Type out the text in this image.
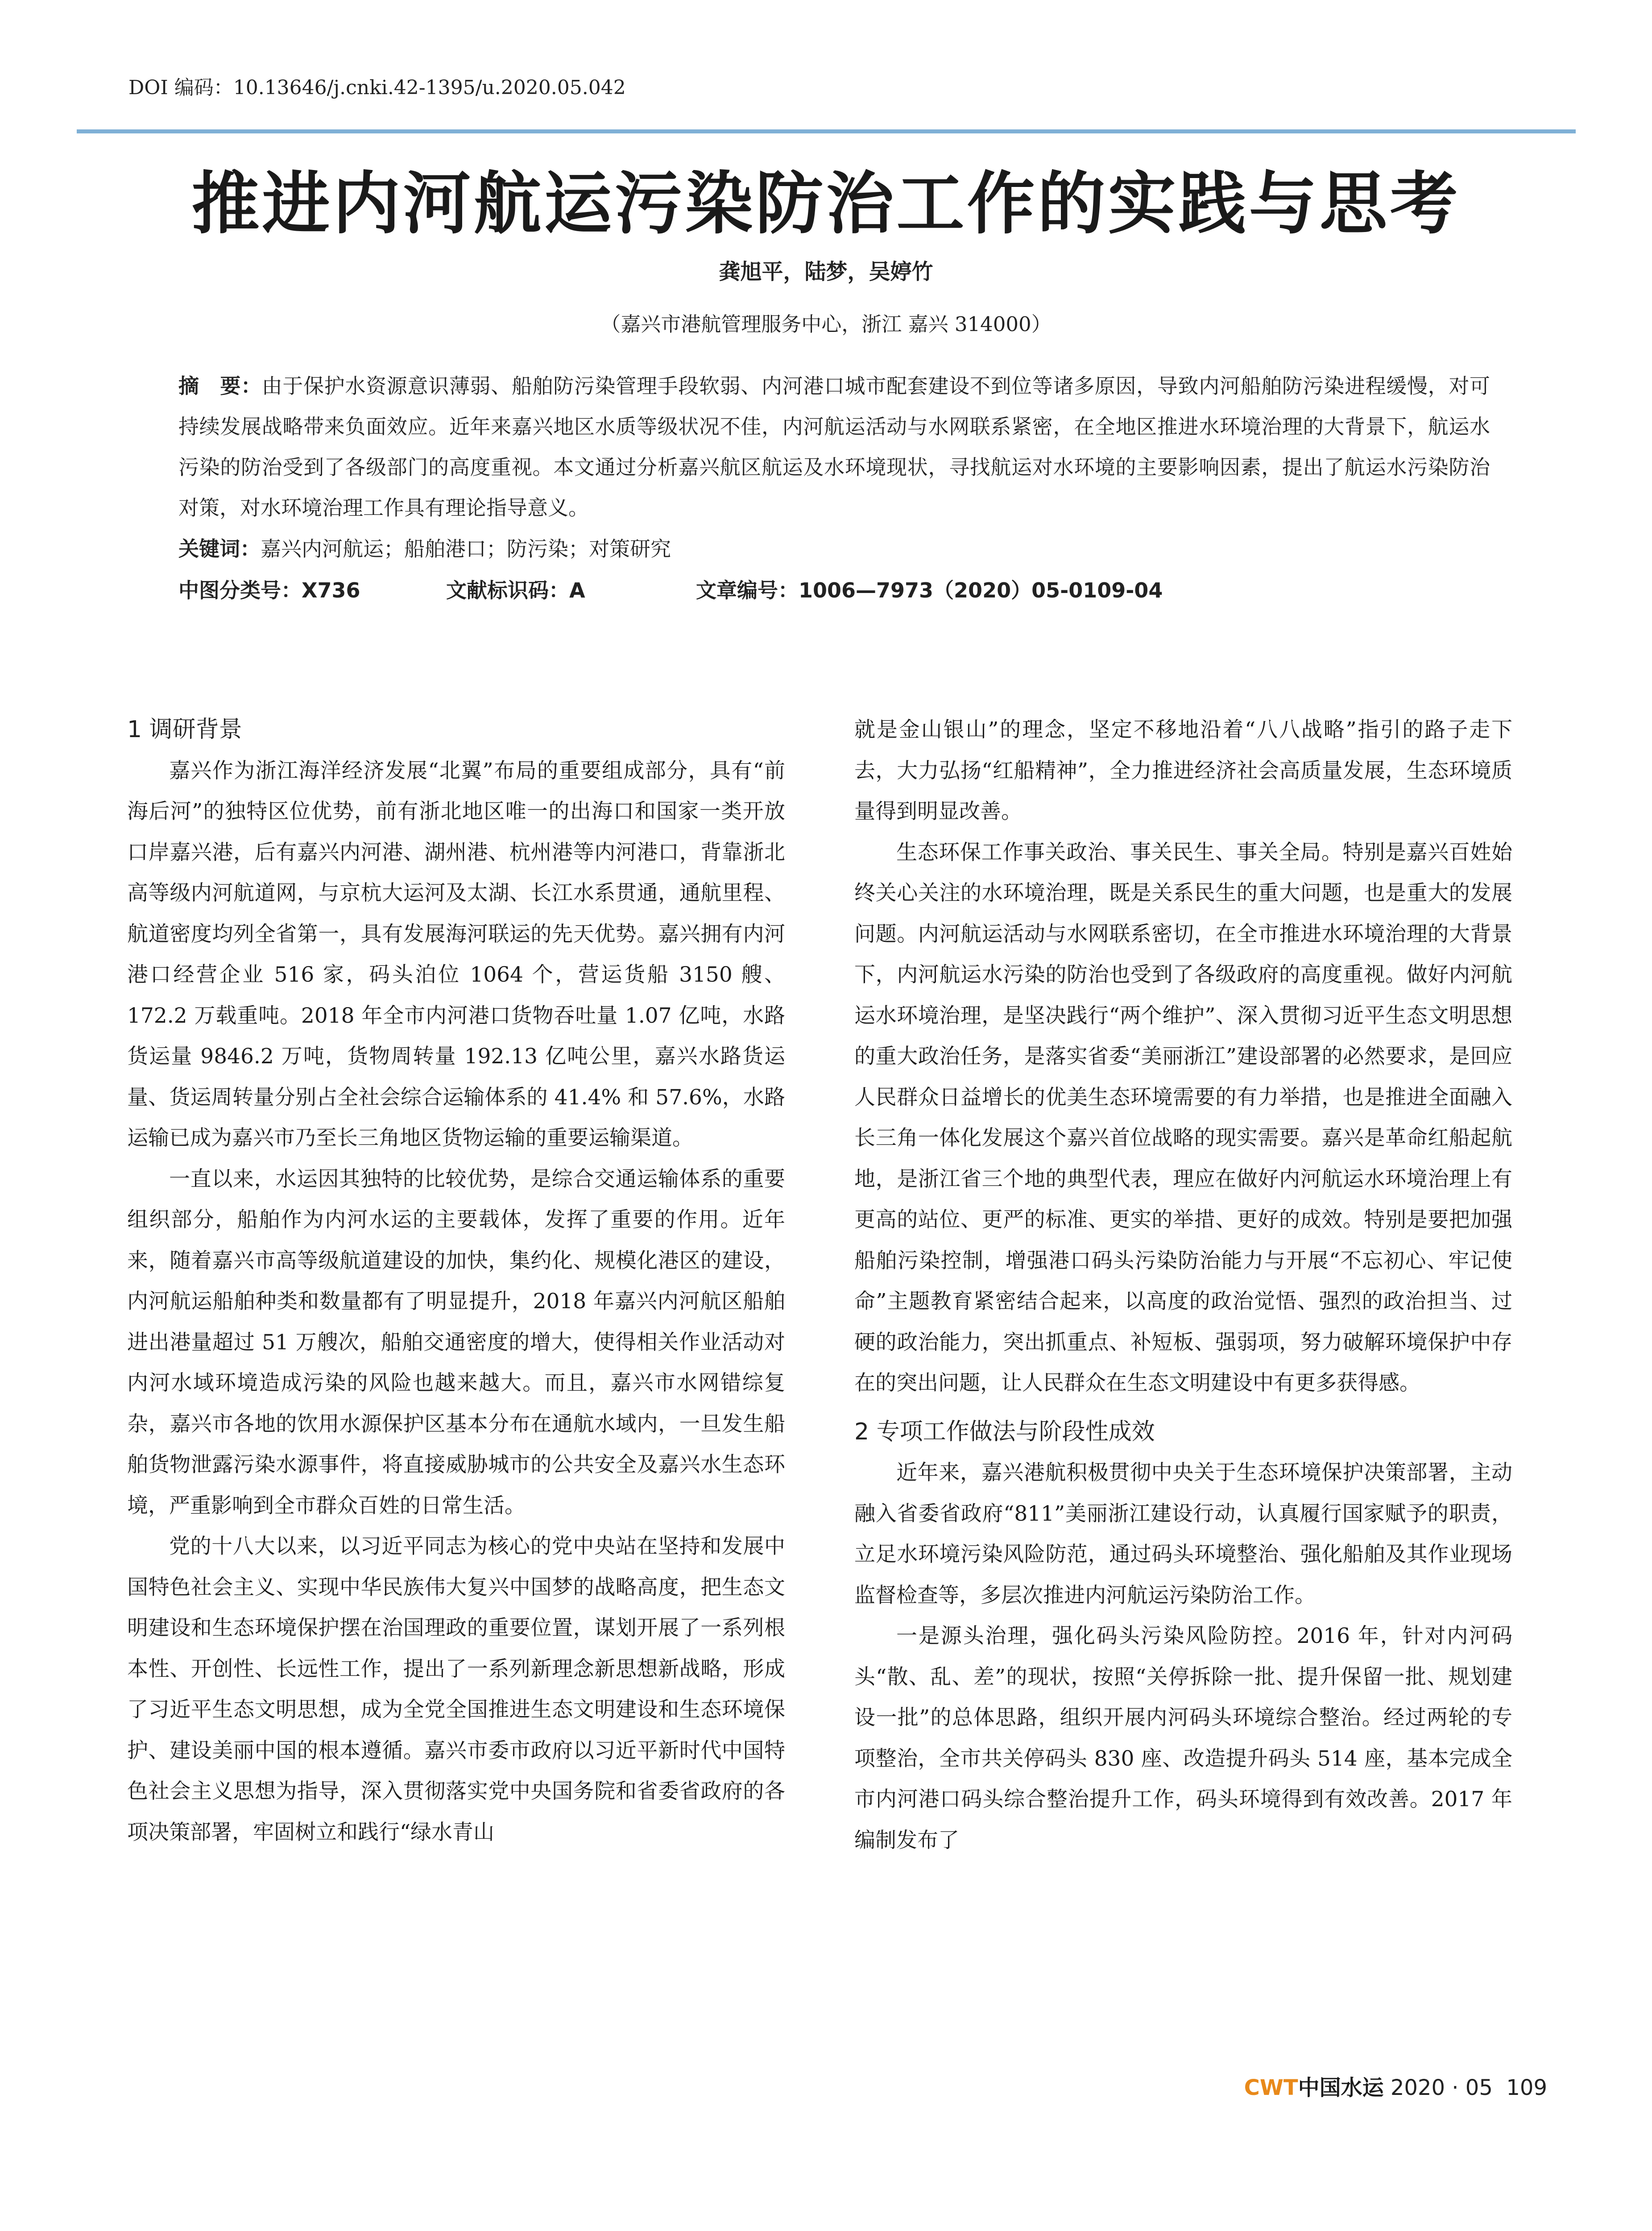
DOI 编码：10.13646/j.cnki.42-1395/u.2020.05.042
推进内河航运污染防治工作的实践与思考
龚旭平，陆梦，吴婷竹
（嘉兴市港航管理服务中心，浙江 嘉兴 314000）
摘　要：由于保护水资源意识薄弱、船舶防污染管理手段软弱、内河港口城市配套建设不到位等诸多原因，导致内河船舶防污染进程缓慢，对可持续发展战略带来负面效应。近年来嘉兴地区水质等级状况不佳，内河航运活动与水网联系紧密，在全地区推进水环境治理的大背景下，航运水污染的防治受到了各级部门的高度重视。本文通过分析嘉兴航区航运及水环境现状，寻找航运对水环境的主要影响因素，提出了航运水污染防治对策，对水环境治理工作具有理论指导意义。
关键词：嘉兴内河航运；船舶港口；防污染；对策研究
中图分类号：X736	文献标识码：A	文章编号：1006—7973（2020）05-0109-04
1 调研背景

嘉兴作为浙江海洋经济发展“北翼”布局的重要组成部分，具有“前海后河”的独特区位优势，前有浙北地区唯一的出海口和国家一类开放口岸嘉兴港，后有嘉兴内河港、湖州港、杭州港等内河港口，背靠浙北高等级内河航道网，与京杭大运河及太湖、长江水系贯通，通航里程、航道密度均列全省第一，具有发展海河联运的先天优势。嘉兴拥有内河港口经营企业 516 家，码头泊位 1064 个，营运货船 3150 艘、172.2 万载重吨。2018 年全市内河港口货物吞吐量 1.07 亿吨，水路货运量 9846.2 万吨，货物周转量 192.13 亿吨公里，嘉兴水路货运量、货运周转量分别占全社会综合运输体系的 41.4% 和 57.6%，水路运输已成为嘉兴市乃至长三角地区货物运输的重要运输渠道。

一直以来，水运因其独特的比较优势，是综合交通运输体系的重要组织部分，船舶作为内河水运的主要载体，发挥了重要的作用。近年来，随着嘉兴市高等级航道建设的加快，集约化、规模化港区的建设，内河航运船舶种类和数量都有了明显提升，2018 年嘉兴内河航区船舶进出港量超过 51 万艘次，船舶交通密度的增大，使得相关作业活动对内河水域环境造成污染的风险也越来越大。而且，嘉兴市水网错综复杂，嘉兴市各地的饮用水源保护区基本分布在通航水域内，一旦发生船舶货物泄露污染水源事件，将直接威胁城市的公共安全及嘉兴水生态环境，严重影响到全市群众百姓的日常生活。

党的十八大以来，以习近平同志为核心的党中央站在坚持和发展中国特色社会主义、实现中华民族伟大复兴中国梦的战略高度，把生态文明建设和生态环境保护摆在治国理政的重要位置，谋划开展了一系列根本性、开创性、长远性工作，提出了一系列新理念新思想新战略，形成了习近平生态文明思想，成为全党全国推进生态文明建设和生态环境保护、建设美丽中国的根本遵循。嘉兴市委市政府以习近平新时代中国特色社会主义思想为指导，深入贯彻落实党中央国务院和省委省政府的各项决策部署，牢固树立和践行“绿水青山

就是金山银山”的理念，坚定不移地沿着“八八战略”指引的路子走下去，大力弘扬“红船精神”，全力推进经济社会高质量发展，生态环境质量得到明显改善。

生态环保工作事关政治、事关民生、事关全局。特别是嘉兴百姓始终关心关注的水环境治理，既是关系民生的重大问题，也是重大的发展问题。内河航运活动与水网联系密切，在全市推进水环境治理的大背景下，内河航运水污染的防治也受到了各级政府的高度重视。做好内河航运水环境治理，是坚决践行“两个维护”、深入贯彻习近平生态文明思想的重大政治任务，是落实省委“美丽浙江”建设部署的必然要求，是回应人民群众日益增长的优美生态环境需要的有力举措，也是推进全面融入长三角一体化发展这个嘉兴首位战略的现实需要。嘉兴是革命红船起航地，是浙江省三个地的典型代表，理应在做好内河航运水环境治理上有更高的站位、更严的标准、更实的举措、更好的成效。特别是要把加强船舶污染控制，增强港口码头污染防治能力与开展“不忘初心、牢记使命”主题教育紧密结合起来，以高度的政治觉悟、强烈的政治担当、过硬的政治能力，突出抓重点、补短板、强弱项，努力破解环境保护中存在的突出问题，让人民群众在生态文明建设中有更多获得感。

2 专项工作做法与阶段性成效

近年来，嘉兴港航积极贯彻中央关于生态环境保护决策部署，主动融入省委省政府“811”美丽浙江建设行动，认真履行国家赋予的职责，立足水环境污染风险防范，通过码头环境整治、强化船舶及其作业现场监督检查等，多层次推进内河航运污染防治工作。

一是源头治理，强化码头污染风险防控。2016 年，针对内河码头“散、乱、差”的现状，按照“关停拆除一批、提升保留一批、规划建设一批”的总体思路，组织开展内河码头环境综合整治。经过两轮的专项整治，全市共关停码头 830 座、改造提升码头 514 座，基本完成全市内河港口码头综合整治提升工作，码头环境得到有效改善。2017 年编制发布了

CWT中国水运 2020 · 05 109
